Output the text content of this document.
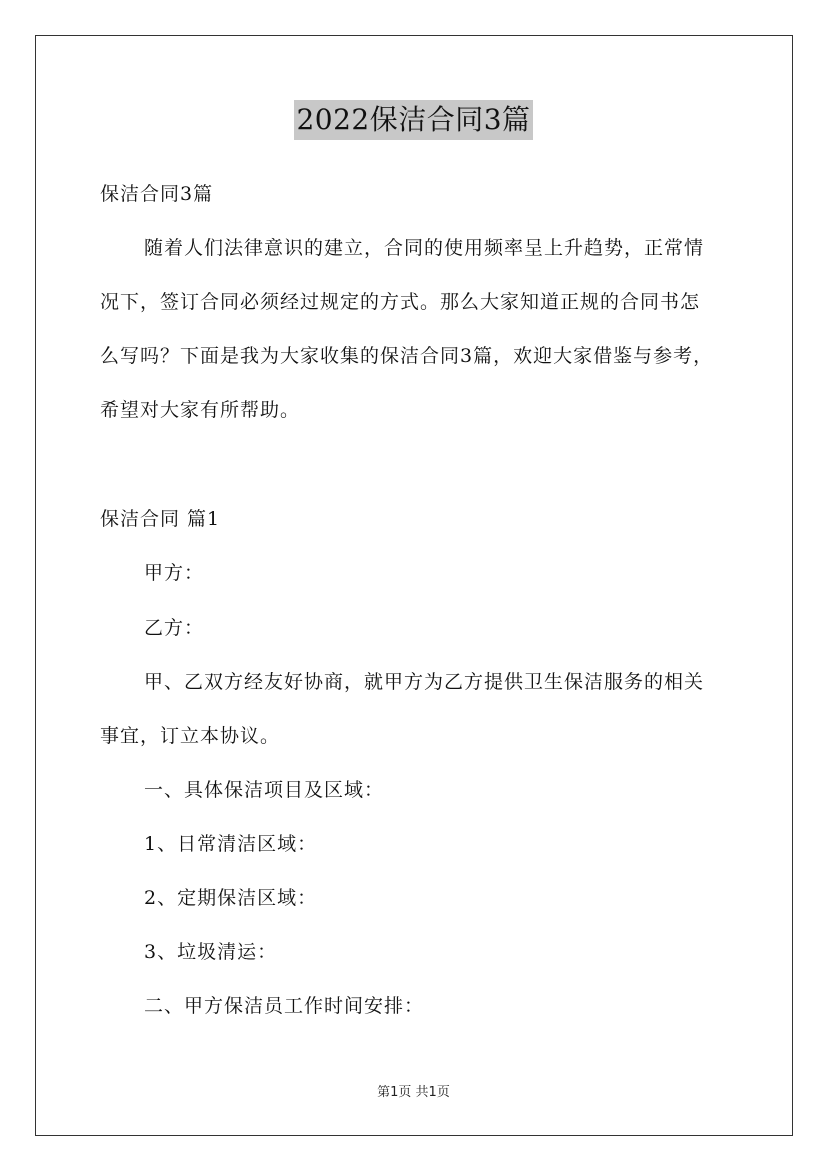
2022保洁合同3篇
保洁合同3篇
随着人们法律意识的建立，合同的使用频率呈上升趋势，正常情
况下，签订合同必须经过规定的方式。那么大家知道正规的合同书怎
么写吗？下面是我为大家收集的保洁合同3篇，欢迎大家借鉴与参考，
希望对大家有所帮助。
保洁合同 篇1
甲方：
乙方：
甲、乙双方经友好协商，就甲方为乙方提供卫生保洁服务的相关
事宜，订立本协议。
一、具体保洁项目及区域：
1、日常清洁区域：
2、定期保洁区域：
3、垃圾清运：
二、甲方保洁员工作时间安排：
第1页 共1页
